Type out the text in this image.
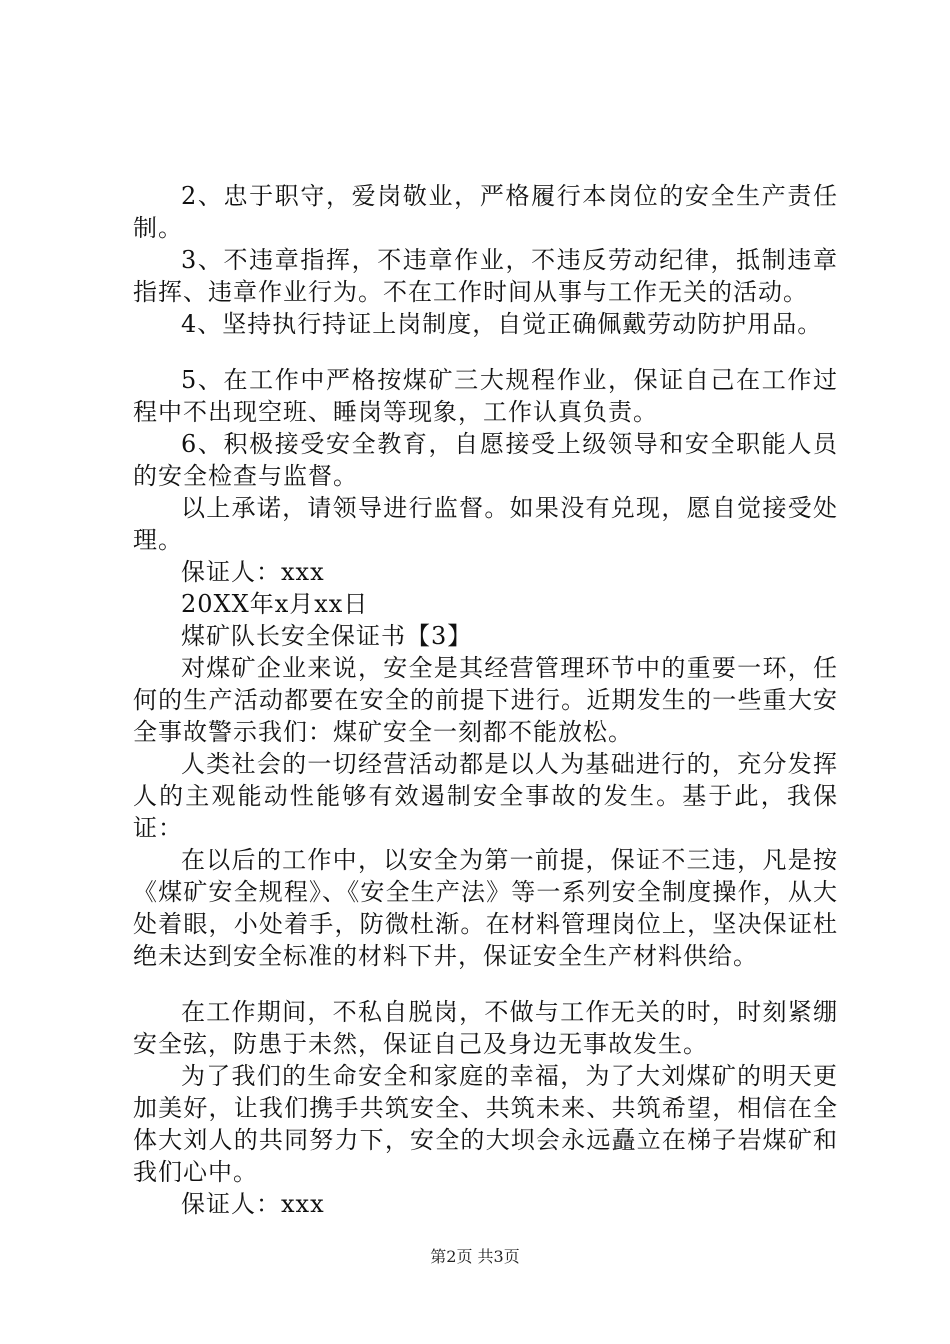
2、忠于职守，爱岗敬业，严格履行本岗位的安全生产责任制。

3、不违章指挥，不违章作业，不违反劳动纪律，抵制违章指挥、违章作业行为。不在工作时间从事与工作无关的活动。

4、坚持执行持证上岗制度，自觉正确佩戴劳动防护用品。

5、在工作中严格按煤矿三大规程作业，保证自己在工作过程中不出现空班、睡岗等现象，工作认真负责。

6、积极接受安全教育，自愿接受上级领导和安全职能人员的安全检查与监督。

以上承诺，请领导进行监督。如果没有兑现，愿自觉接受处理。

保证人：xxx

20XX年x月xx日

煤矿队长安全保证书【3】

对煤矿企业来说，安全是其经营管理环节中的重要一环，任何的生产活动都要在安全的前提下进行。近期发生的一些重大安全事故警示我们：煤矿安全一刻都不能放松。

人类社会的一切经营活动都是以人为基础进行的，充分发挥人的主观能动性能够有效遏制安全事故的发生。基于此，我保证：

在以后的工作中，以安全为第一前提，保证不三违，凡是按《煤矿安全规程》、《安全生产法》等一系列安全制度操作，从大处着眼，小处着手，防微杜渐。在材料管理岗位上，坚决保证杜绝未达到安全标准的材料下井，保证安全生产材料供给。

在工作期间，不私自脱岗，不做与工作无关的时，时刻紧绷安全弦，防患于未然，保证自己及身边无事故发生。

为了我们的生命安全和家庭的幸福，为了大刘煤矿的明天更加美好，让我们携手共筑安全、共筑未来、共筑希望，相信在全体大刘人的共同努力下，安全的大坝会永远矗立在梯子岩煤矿和我们心中。

保证人：xxx

第2页 共3页
